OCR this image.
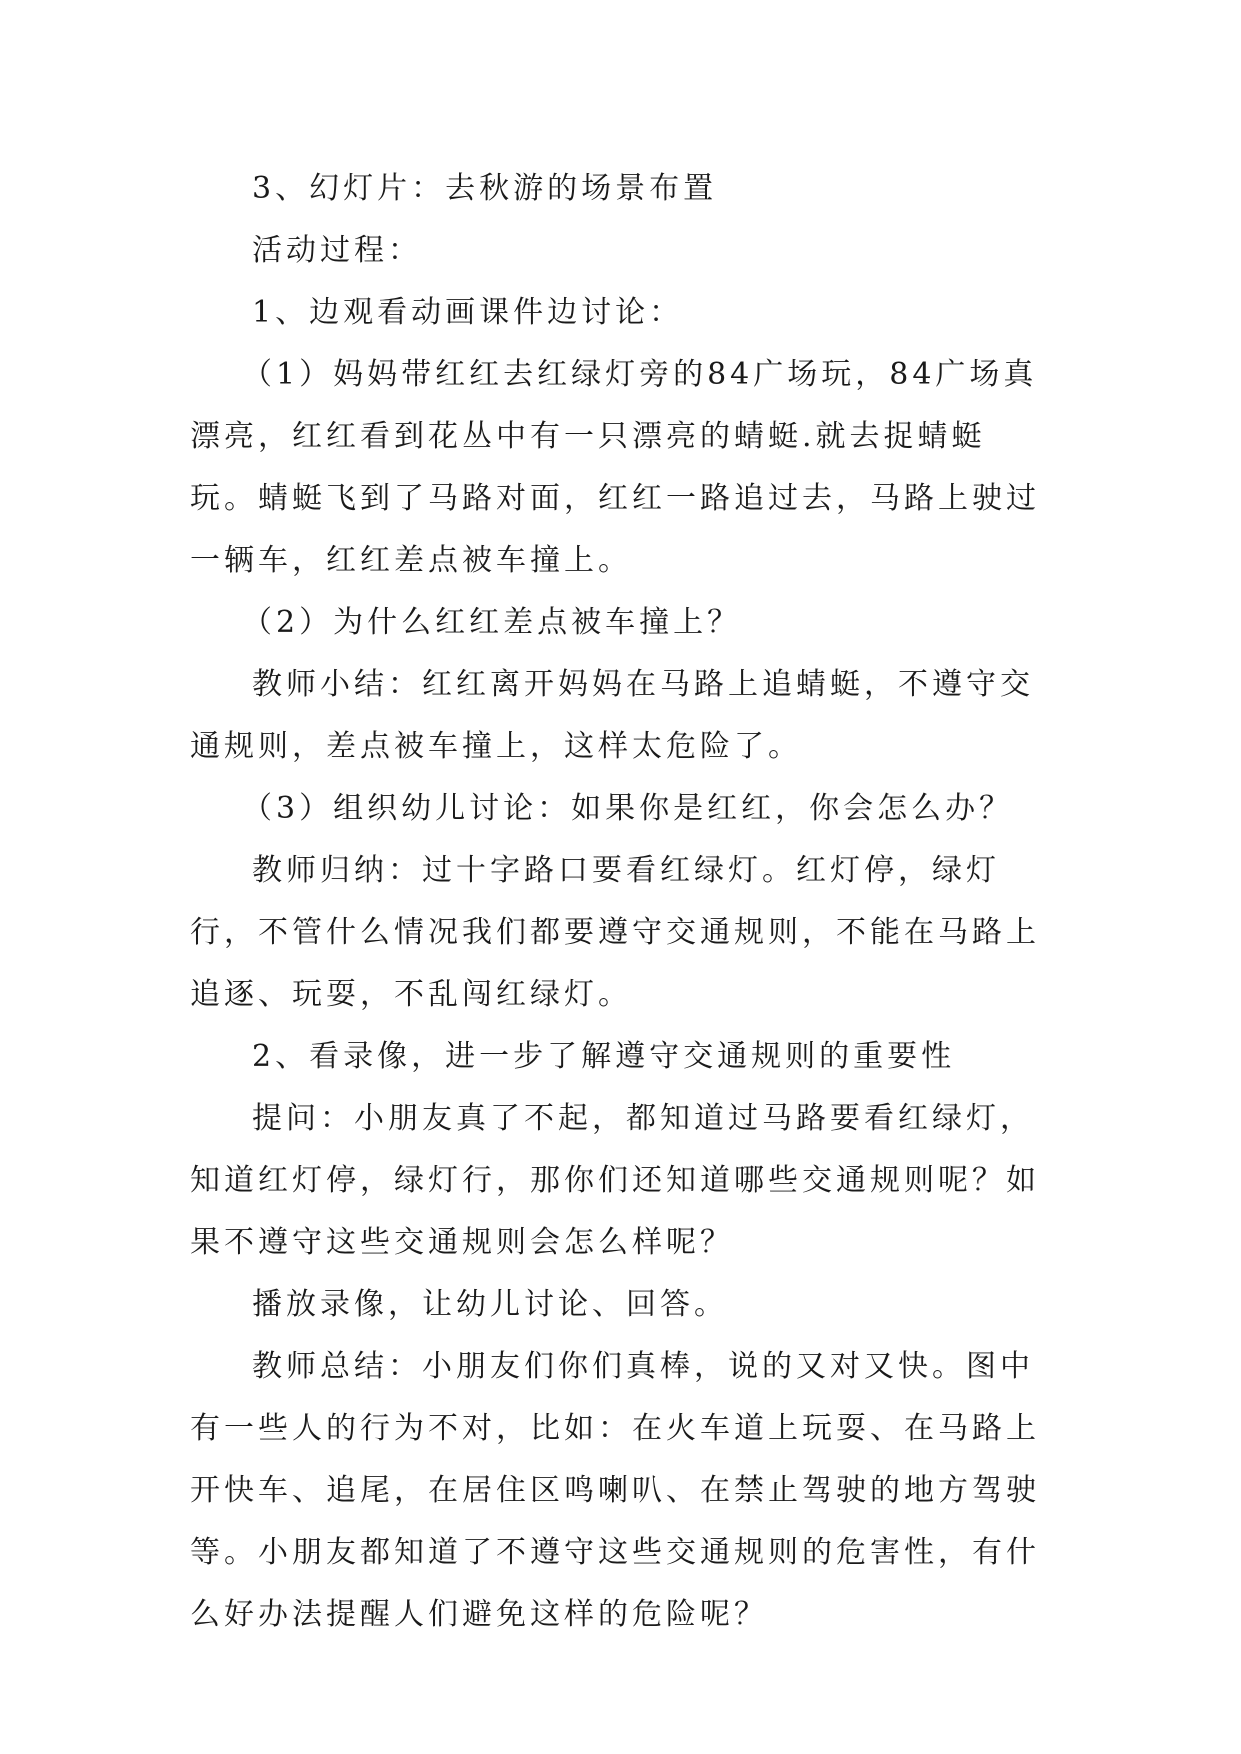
3、幻灯片：去秋游的场景布置

活动过程：

1、边观看动画课件边讨论：

（1）妈妈带红红去红绿灯旁的84广场玩，84广场真漂亮，红红看到花丛中有一只漂亮的蜻蜓.就去捉蜻蜓玩。蜻蜓飞到了马路对面，红红一路追过去，马路上驶过一辆车，红红差点被车撞上。

（2）为什么红红差点被车撞上？

教师小结：红红离开妈妈在马路上追蜻蜓，不遵守交通规则，差点被车撞上，这样太危险了。

（3）组织幼儿讨论：如果你是红红，你会怎么办？

教师归纳：过十字路口要看红绿灯。红灯停，绿灯行，不管什么情况我们都要遵守交通规则，不能在马路上追逐、玩耍，不乱闯红绿灯。

2、看录像，进一步了解遵守交通规则的重要性

提问：小朋友真了不起，都知道过马路要看红绿灯，知道红灯停，绿灯行，那你们还知道哪些交通规则呢？如果不遵守这些交通规则会怎么样呢？

播放录像，让幼儿讨论、回答。

教师总结：小朋友们你们真棒，说的又对又快。图中有一些人的行为不对，比如：在火车道上玩耍、在马路上开快车、追尾，在居住区鸣喇叭、在禁止驾驶的地方驾驶等。小朋友都知道了不遵守这些交通规则的危害性，有什么好办法提醒人们避免这样的危险呢？
